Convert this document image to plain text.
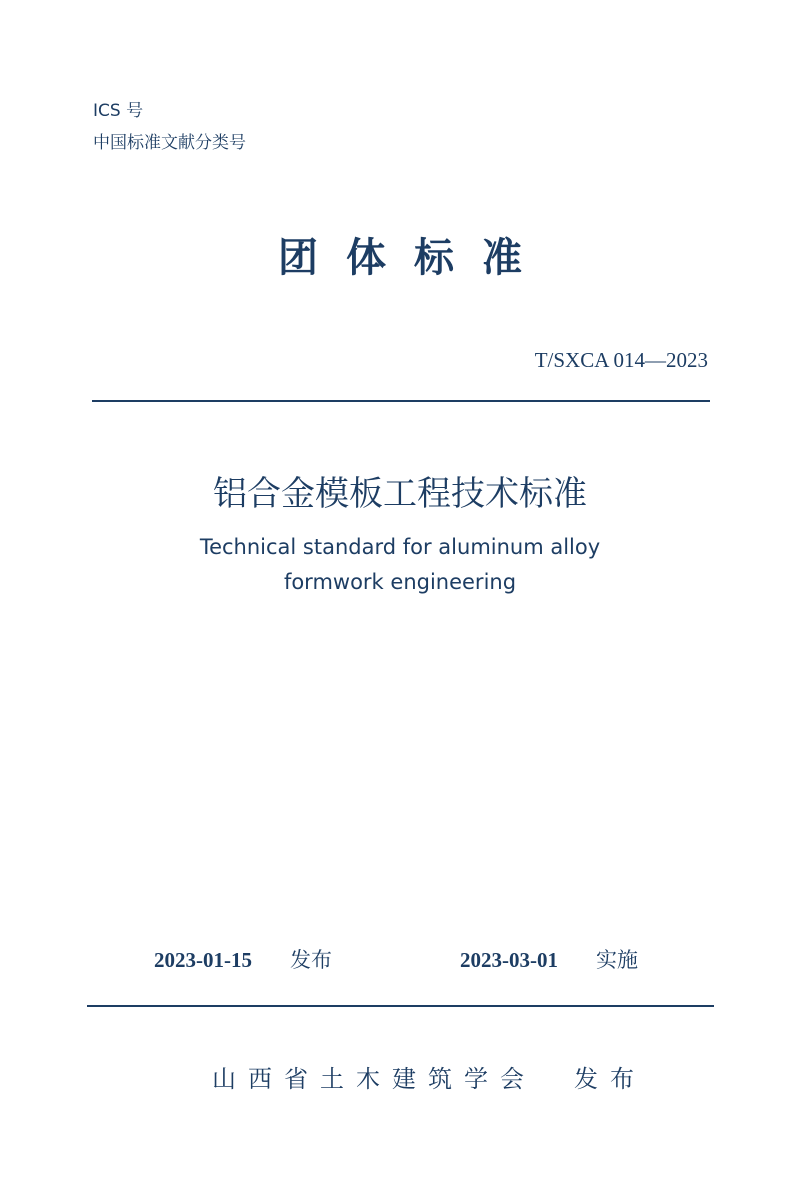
ICS 号
中国标准文献分类号
团体标准
T/SXCA 014—2023
铝合金模板工程技术标准
Technical standard for aluminum alloy
formwork engineering
2023-01-15 发布	2023-03-01 实施
山西省土木建筑学会 发布
